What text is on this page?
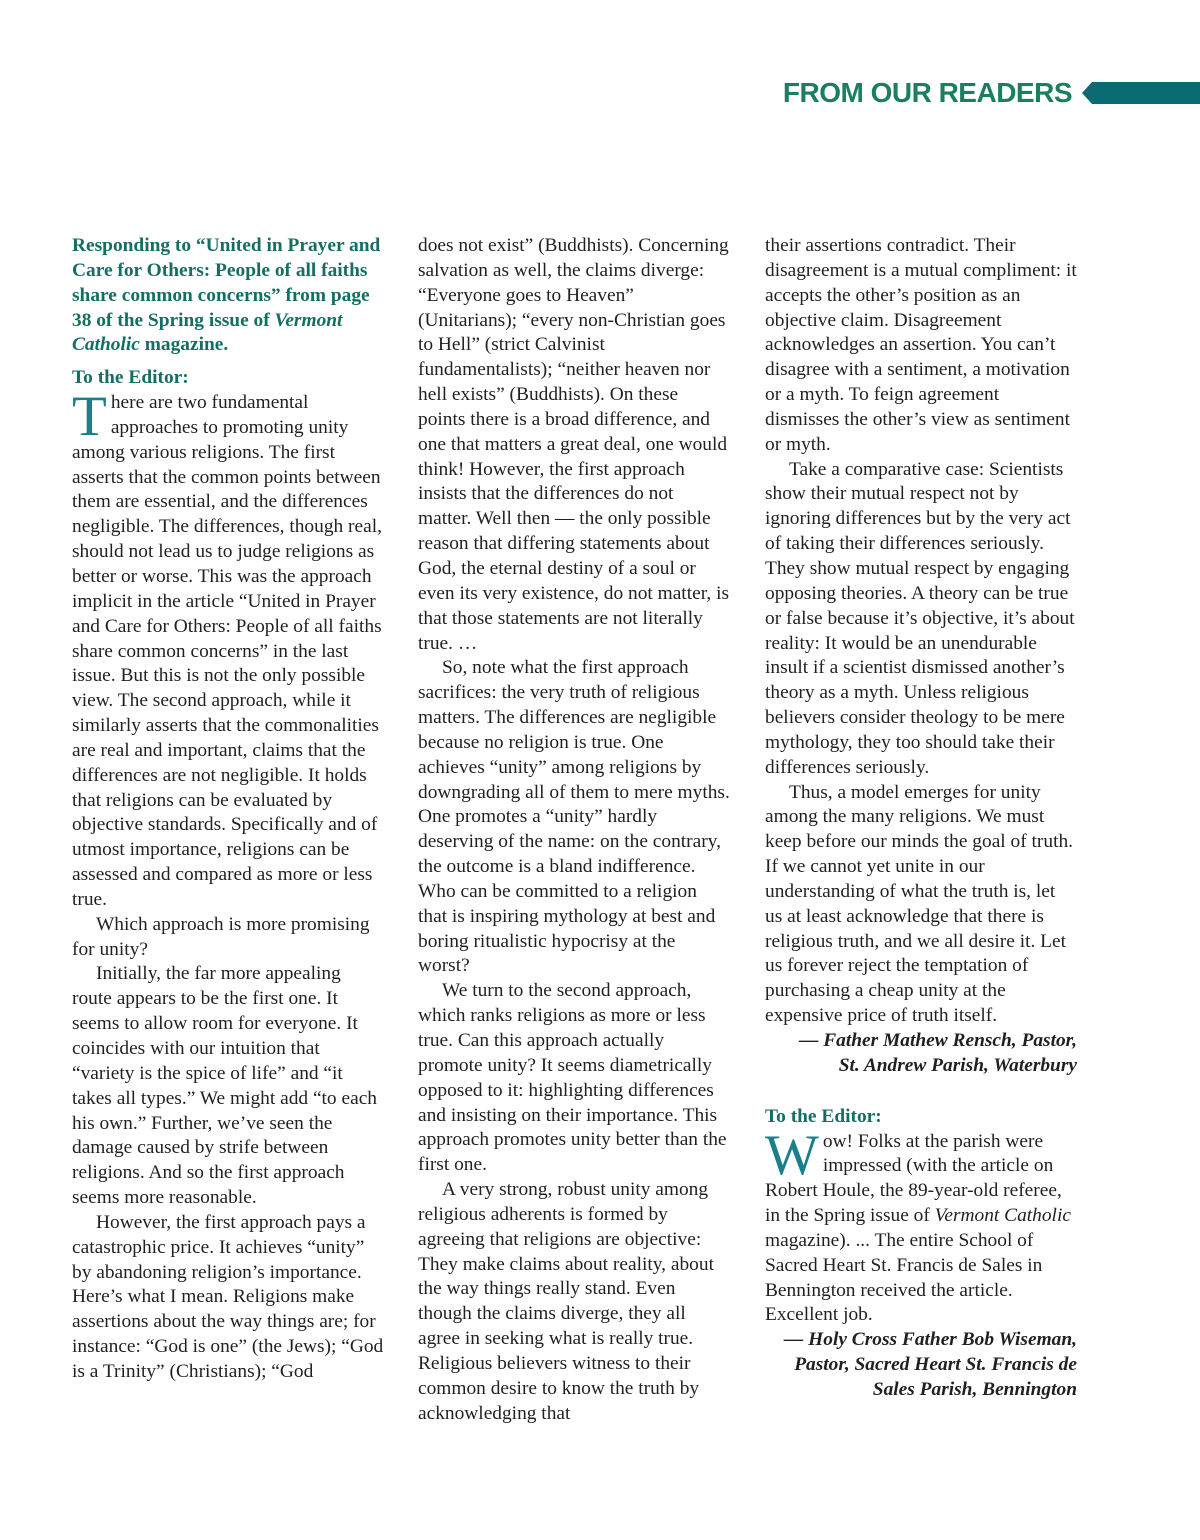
FROM OUR READERS

Responding to “United in Prayer and Care for Others: People of all faiths share common concerns” from page 38 of the Spring issue of Vermont Catholic magazine.

To the Editor:

There are two fundamental approaches to promoting unity among various religions. The first asserts that the common points between them are essential, and the differences negligible. The differences, though real, should not lead us to judge religions as better or worse. This was the approach implicit in the article “United in Prayer and Care for Others: People of all faiths share common concerns” in the last issue. But this is not the only possible view. The second approach, while it similarly asserts that the commonalities are real and important, claims that the differences are not negligible. It holds that religions can be evaluated by objective standards. Specifically and of utmost importance, religions can be assessed and compared as more or less true.

Which approach is more promising for unity?

Initially, the far more appealing route appears to be the first one. It seems to allow room for everyone. It coincides with our intuition that “variety is the spice of life” and “it takes all types.” We might add “to each his own.” Further, we’ve seen the damage caused by strife between religions. And so the first approach seems more reasonable.

However, the first approach pays a catastrophic price. It achieves “unity” by abandoning religion’s importance. Here’s what I mean. Religions make assertions about the way things are; for instance: “God is one” (the Jews); “God is a Trinity” (Christians); “God

does not exist” (Buddhists). Concerning salvation as well, the claims diverge: “Everyone goes to Heaven” (Unitarians); “every non-Christian goes to Hell” (strict Calvinist fundamentalists); “neither heaven nor hell exists” (Buddhists). On these points there is a broad difference, and one that matters a great deal, one would think! However, the first approach insists that the differences do not matter. Well then — the only possible reason that differing statements about God, the eternal destiny of a soul or even its very existence, do not matter, is that those statements are not literally true. …

So, note what the first approach sacrifices: the very truth of religious matters. The differences are negligible because no religion is true. One achieves “unity” among religions by downgrading all of them to mere myths. One promotes a “unity” hardly deserving of the name: on the contrary, the outcome is a bland indifference. Who can be committed to a religion that is inspiring mythology at best and boring ritualistic hypocrisy at the worst?

We turn to the second approach, which ranks religions as more or less true. Can this approach actually promote unity? It seems diametrically opposed to it: highlighting differences and insisting on their importance. This approach promotes unity better than the first one.

A very strong, robust unity among religious adherents is formed by agreeing that religions are objective: They make claims about reality, about the way things really stand. Even though the claims diverge, they all agree in seeking what is really true. Religious believers witness to their common desire to know the truth by acknowledging that

their assertions contradict. Their disagreement is a mutual compliment: it accepts the other’s position as an objective claim. Disagreement acknowledges an assertion. You can’t disagree with a sentiment, a motivation or a myth. To feign agreement dismisses the other’s view as sentiment or myth.

Take a comparative case: Scientists show their mutual respect not by ignoring differences but by the very act of taking their differences seriously. They show mutual respect by engaging opposing theories. A theory can be true or false because it’s objective, it’s about reality: It would be an unendurable insult if a scientist dismissed another’s theory as a myth. Unless religious believers consider theology to be mere mythology, they too should take their differences seriously.

Thus, a model emerges for unity among the many religions. We must keep before our minds the goal of truth. If we cannot yet unite in our understanding of what the truth is, let us at least acknowledge that there is religious truth, and we all desire it. Let us forever reject the temptation of purchasing a cheap unity at the expensive price of truth itself.

— Father Mathew Rensch, Pastor,

St. Andrew Parish, Waterbury

To the Editor:

Wow! Folks at the parish were impressed (with the article on Robert Houle, the 89-year-old referee, in the Spring issue of Vermont Catholic magazine). ... The entire School of Sacred Heart St. Francis de Sales in Bennington received the article. Excellent job.

— Holy Cross Father Bob Wiseman,

Pastor, Sacred Heart St. Francis de

Sales Parish, Bennington
